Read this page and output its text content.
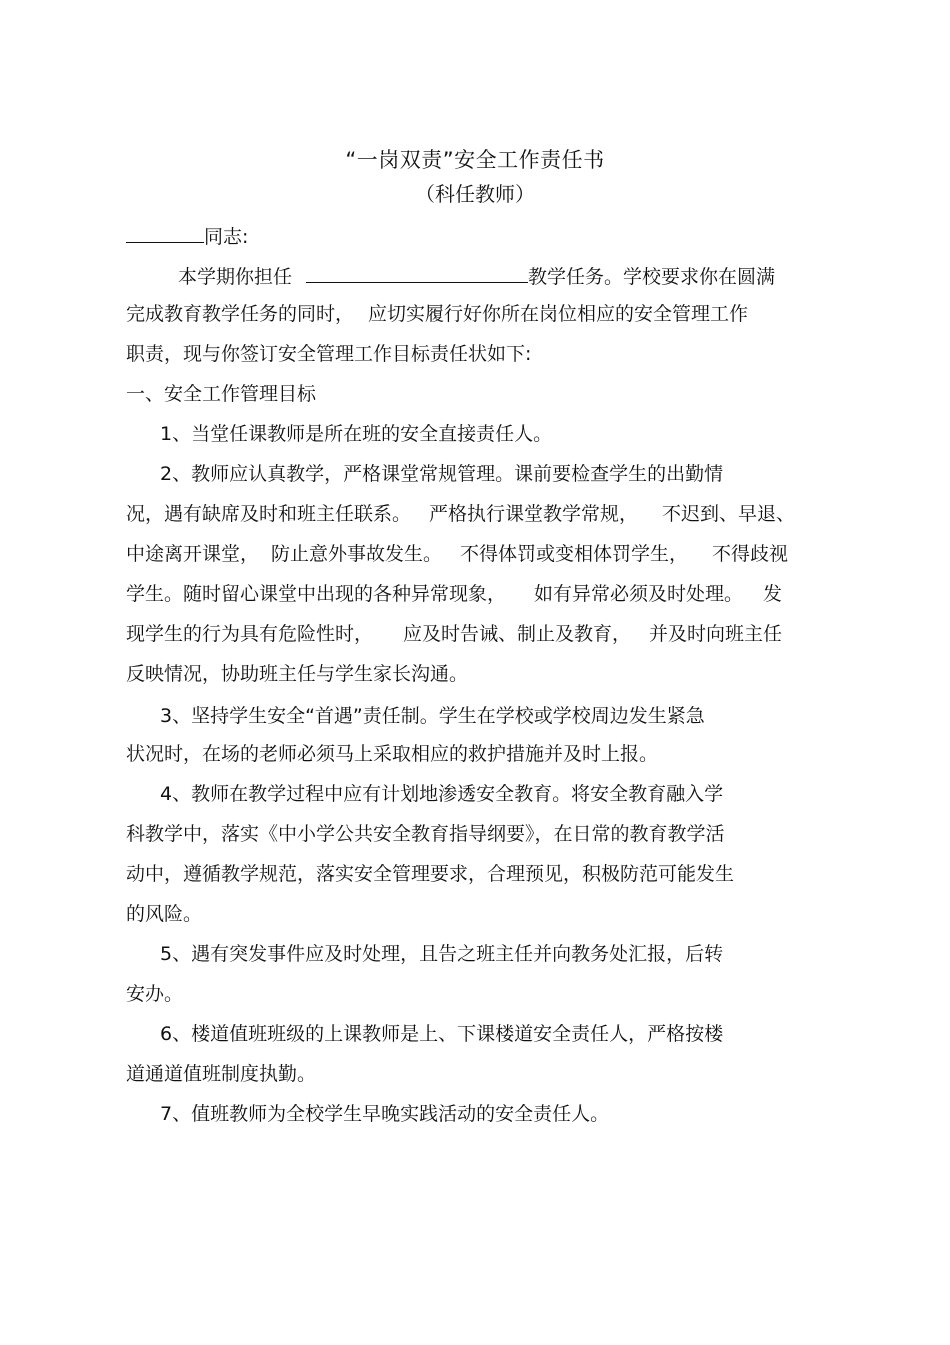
“一岗双责”安全工作责任书
（科任教师）
同志:
本学期你担任	教学任务。学校要求你在圆满
完成教育教学任务的同时， 应切实履行好你所在岗位相应的安全管理工作
职责，现与你签订安全管理工作目标责任状如下:
一、安全工作管理目标
1、当堂任课教师是所在班的安全直接责任人。
2、教师应认真教学，严格课堂常规管理。课前要检查学生的出勤情
况，遇有缺席及时和班主任联系。 严格执行课堂教学常规， 不迟到、早退、
中途离开课堂， 防止意外事故发生。 不得体罚或变相体罚学生， 不得歧视
学生。随时留心课堂中出现的各种异常现象， 如有异常必须及时处理。 发
现学生的行为具有危险性时， 应及时告诫、制止及教育， 并及时向班主任
反映情况，协助班主任与学生家长沟通。
3、坚持学生安全“首遇”责任制。学生在学校或学校周边发生紧急
状况时，在场的老师必须马上采取相应的救护措施并及时上报。
4、教师在教学过程中应有计划地渗透安全教育。将安全教育融入学
科教学中，落实《中小学公共安全教育指导纲要》，在日常的教育教学活
动中，遵循教学规范，落实安全管理要求，合理预见，积极防范可能发生
的风险。
5、遇有突发事件应及时处理，且告之班主任并向教务处汇报，后转
安办。
6、楼道值班班级的上课教师是上、下课楼道安全责任人，严格按楼
道通道值班制度执勤。
7、值班教师为全校学生早晚实践活动的安全责任人。
